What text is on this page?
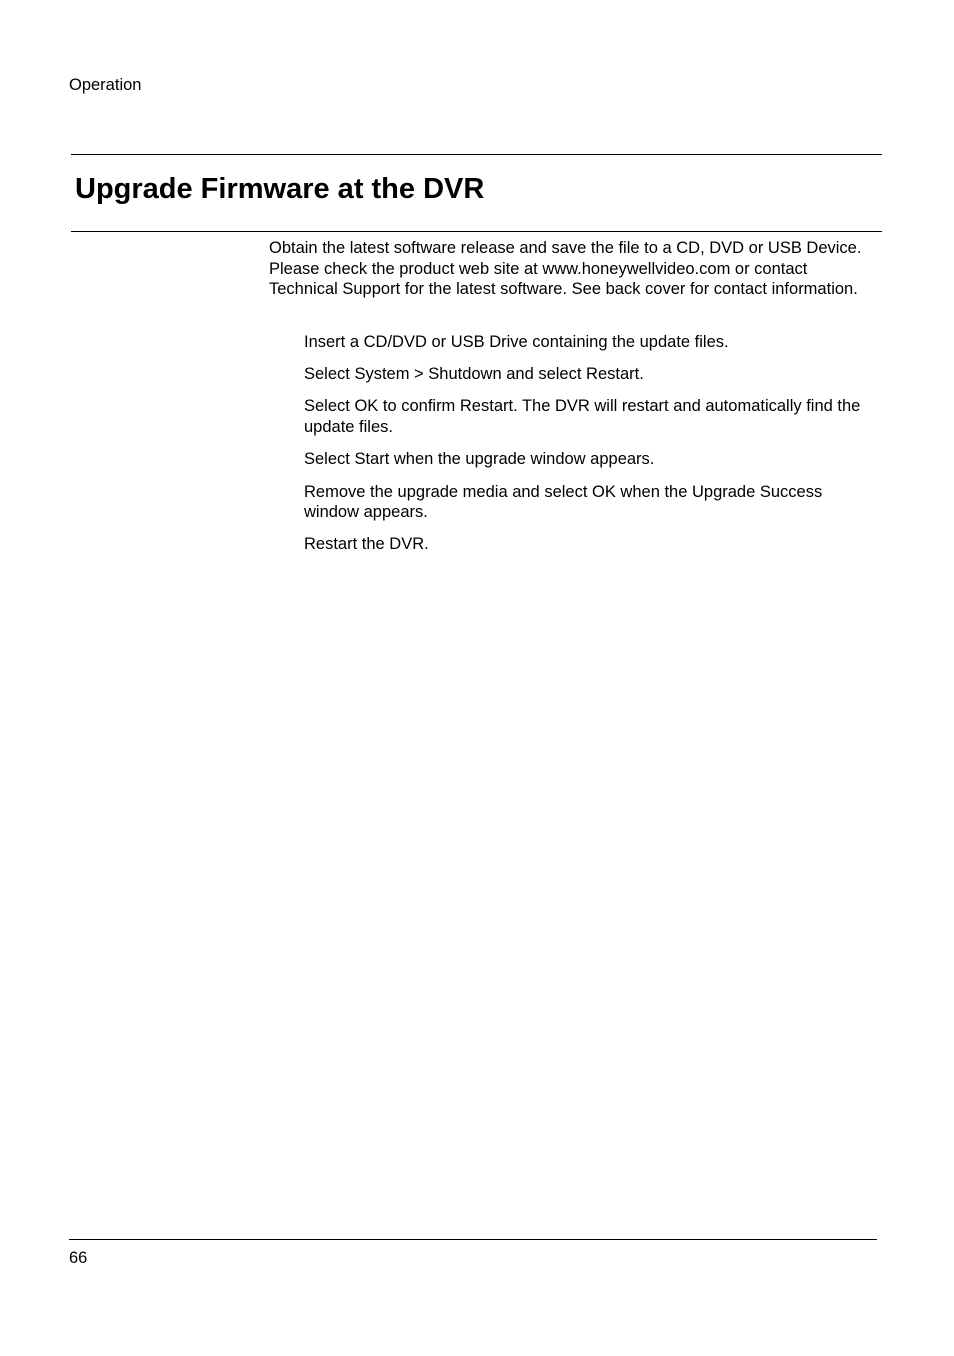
Operation
Upgrade Firmware at the DVR

Obtain the latest software release and save the file to a CD, DVD or USB Device. Please check the product web site at www.honeywellvideo.com or contact Technical Support for the latest software. See back cover for contact information.

Insert a CD/DVD or USB Drive containing the update files.
Select System > Shutdown and select Restart.
Select OK to confirm Restart. The DVR will restart and automatically find the update files.
Select Start when the upgrade window appears.
Remove the upgrade media and select OK when the Upgrade Success window appears.
Restart the DVR.
66
